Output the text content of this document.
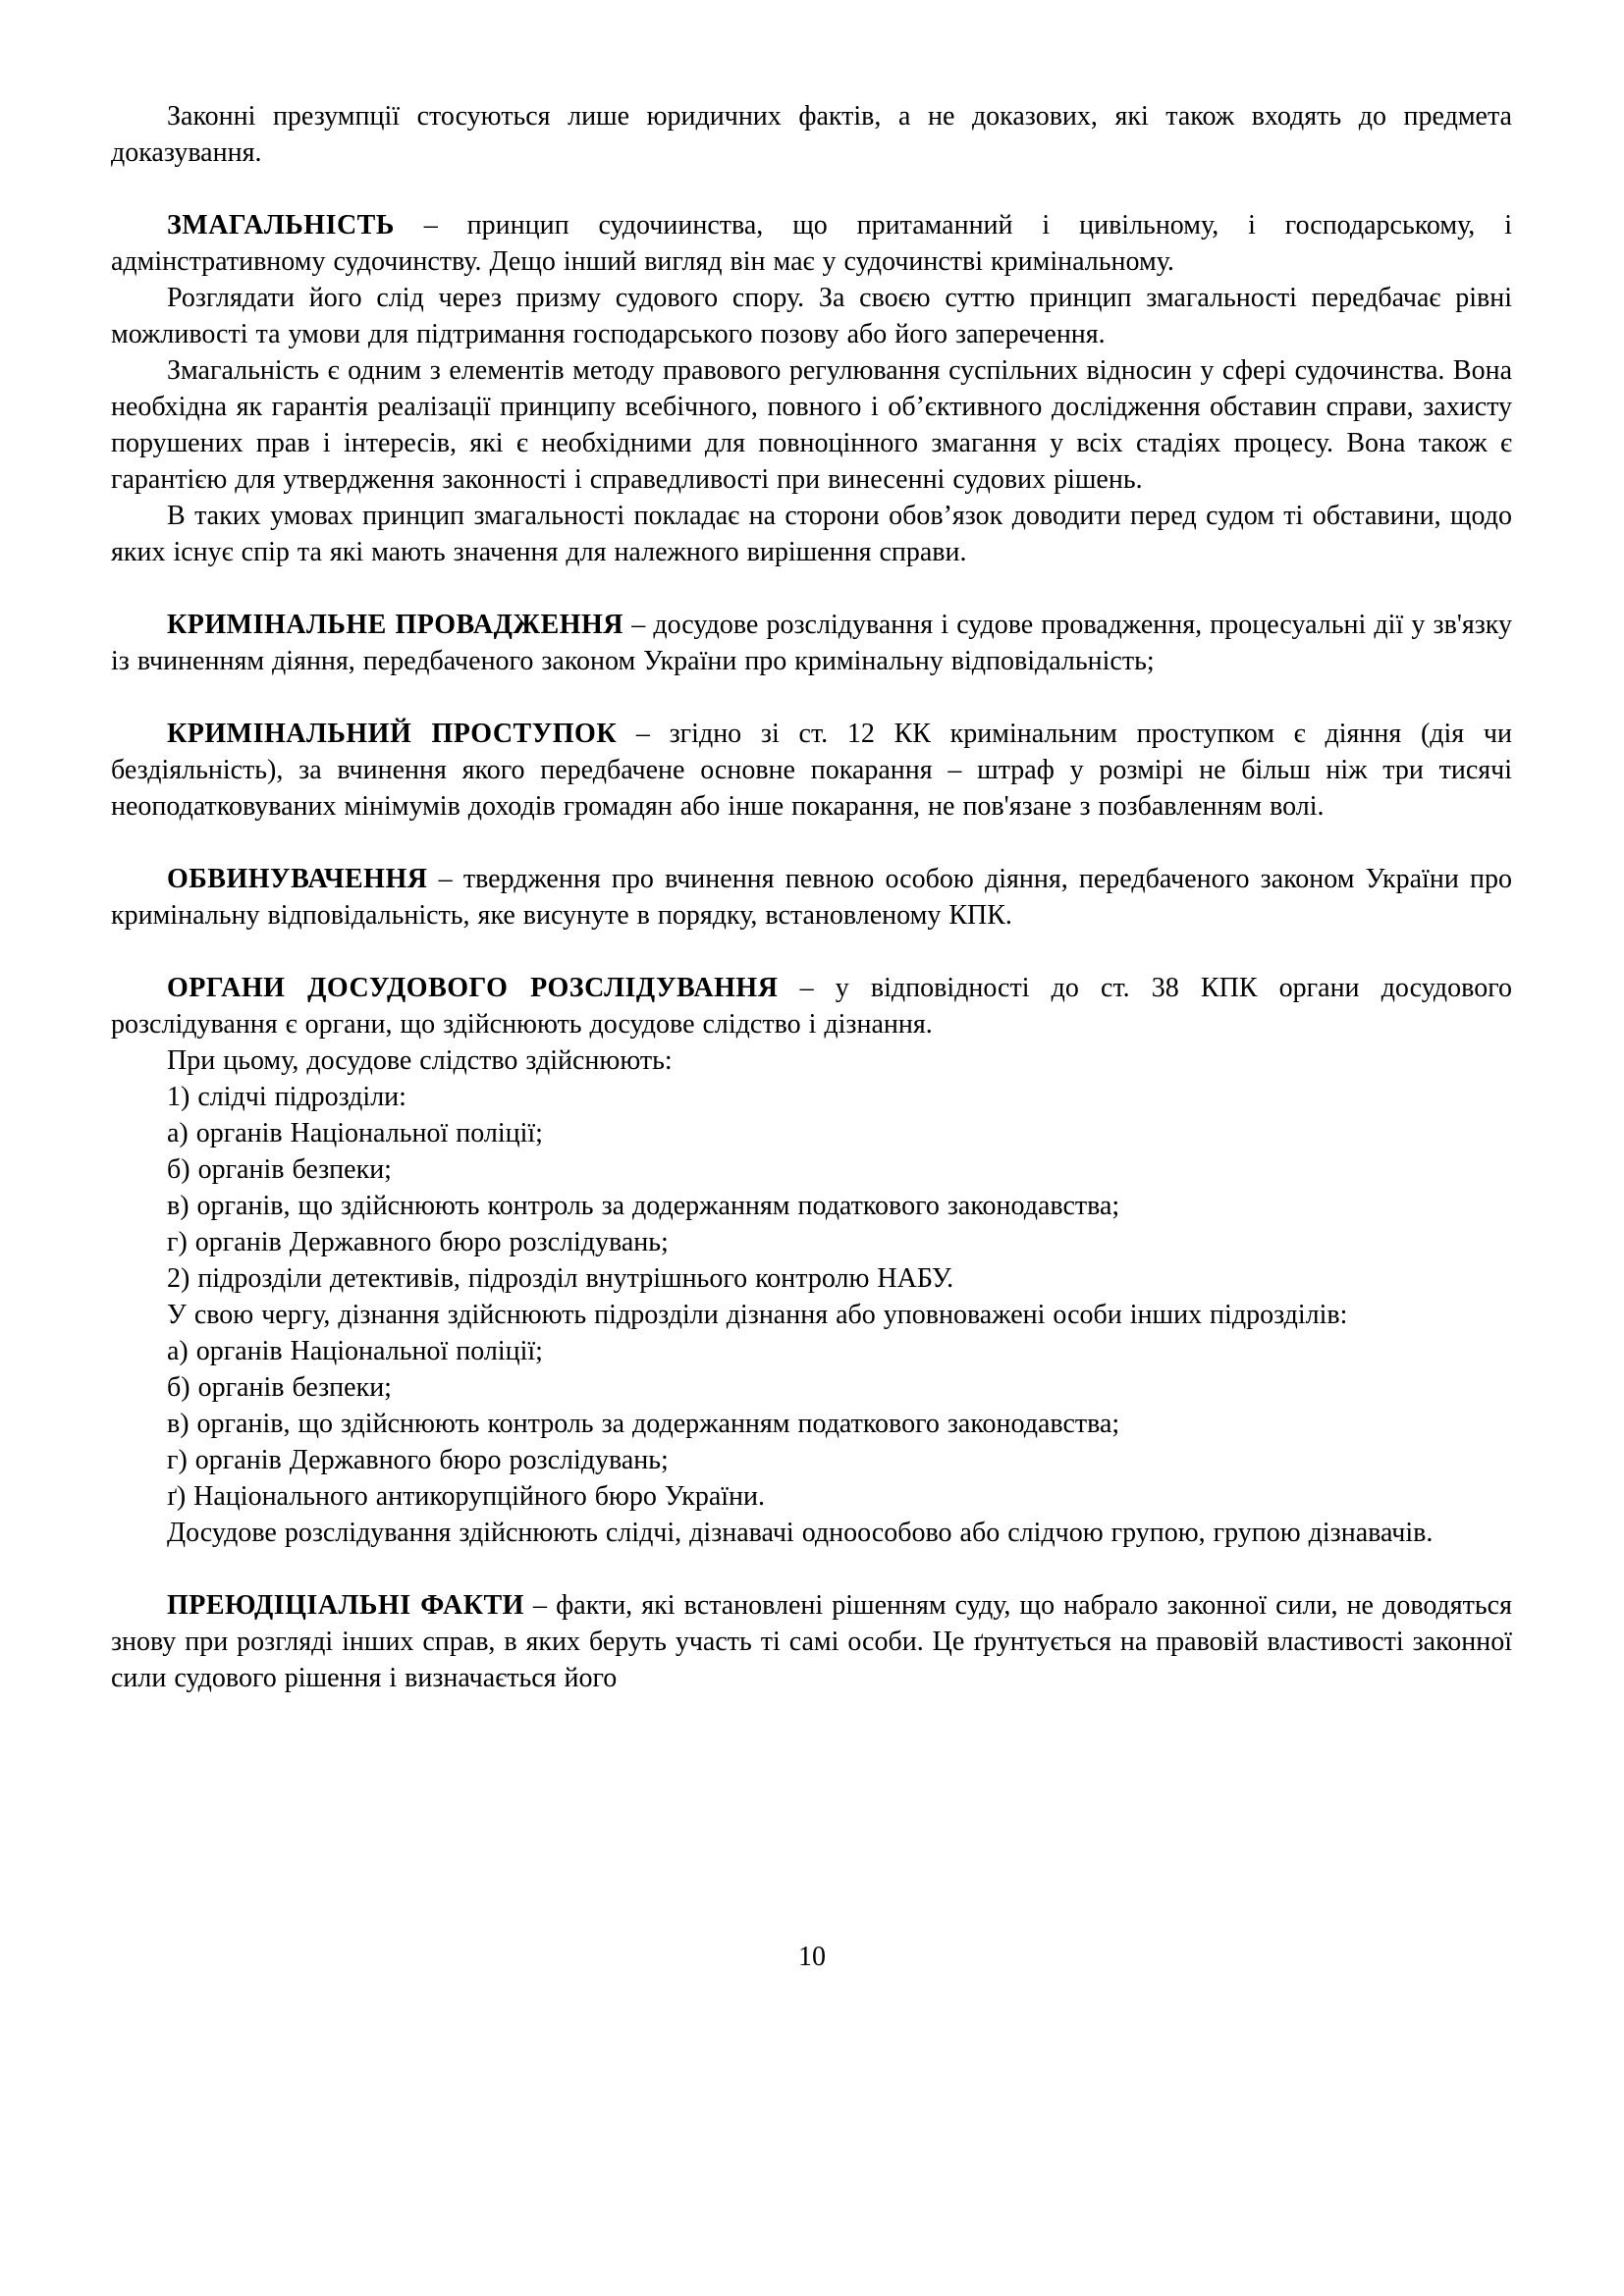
Законні презумпції стосуються лише юридичних фактів, а не доказових, які також входять до предмета доказування.

ЗМАГАЛЬНІСТЬ – принцип судочиинства, що притаманний і цивільному, і господарському, і адмінстративному судочинству. Дещо інший вигляд він має у судочинстві кримінальному.

Розглядати його слід через призму судового спору. За своєю суттю принцип змагальності передбачає рівні можливості та умови для підтримання господарського позову або його заперечення.

Змагальність є одним з елементів методу правового регулювання суспільних відносин у сфері судочинства. Вона необхідна як гарантія реалізації принципу всебічного, повного і об’єктивного дослідження обставин справи, захисту порушених прав і інтересів, які є необхідними для повноцінного змагання у всіх стадіях процесу. Вона також є гарантією для утвердження законності і справедливості при винесенні судових рішень.

В таких умовах принцип змагальності покладає на сторони обов’язок доводити перед судом ті обставини, щодо яких існує спір та які мають значення для належного вирішення справи.

КРИМІНАЛЬНЕ ПРОВАДЖЕННЯ – досудове розслідування і судове провадження, процесуальні дії у зв'язку із вчиненням діяння, передбаченого законом України про кримінальну відповідальність;

КРИМІНАЛЬНИЙ ПРОСТУПОК – згідно зі ст. 12 КК кримінальним проступком є діяння (дія чи бездіяльність), за вчинення якого передбачене основне покарання – штраф у розмірі не більш ніж три тисячі неоподатковуваних мінімумів доходів громадян або інше покарання, не пов'язане з позбавленням волі.

ОБВИНУВАЧЕННЯ – твердження про вчинення певною особою діяння, передбаченого законом України про кримінальну відповідальність, яке висунуте в порядку, встановленому КПК.

ОРГАНИ ДОСУДОВОГО РОЗСЛІДУВАННЯ – у відповідності до ст. 38 КПК органи досудового розслідування є органи, що здійснюють досудове слідство і дізнання.

При цьому, досудове слідство здійснюють:

1) слідчі підрозділи:

а) органів Національної поліції;

б) органів безпеки;

в) органів, що здійснюють контроль за додержанням податкового законодавства;

г) органів Державного бюро розслідувань;

2) підрозділи детективів, підрозділ внутрішнього контролю НАБУ.

У свою чергу, дізнання здійснюють підрозділи дізнання або уповноважені особи інших підрозділів:

а) органів Національної поліції;

б) органів безпеки;

в) органів, що здійснюють контроль за додержанням податкового законодавства;

г) органів Державного бюро розслідувань;

ґ) Національного антикорупційного бюро України.

Досудове розслідування здійснюють слідчі, дізнавачі одноособово або слідчою групою, групою дізнавачів.

ПРЕЮДІЦІАЛЬНІ ФАКТИ – факти, які встановлені рішенням суду, що набрало законної сили, не доводяться знову при розгляді інших справ, в яких беруть участь ті самі особи. Це ґрунтується на правовій властивості законної сили судового рішення і визначається його

10
